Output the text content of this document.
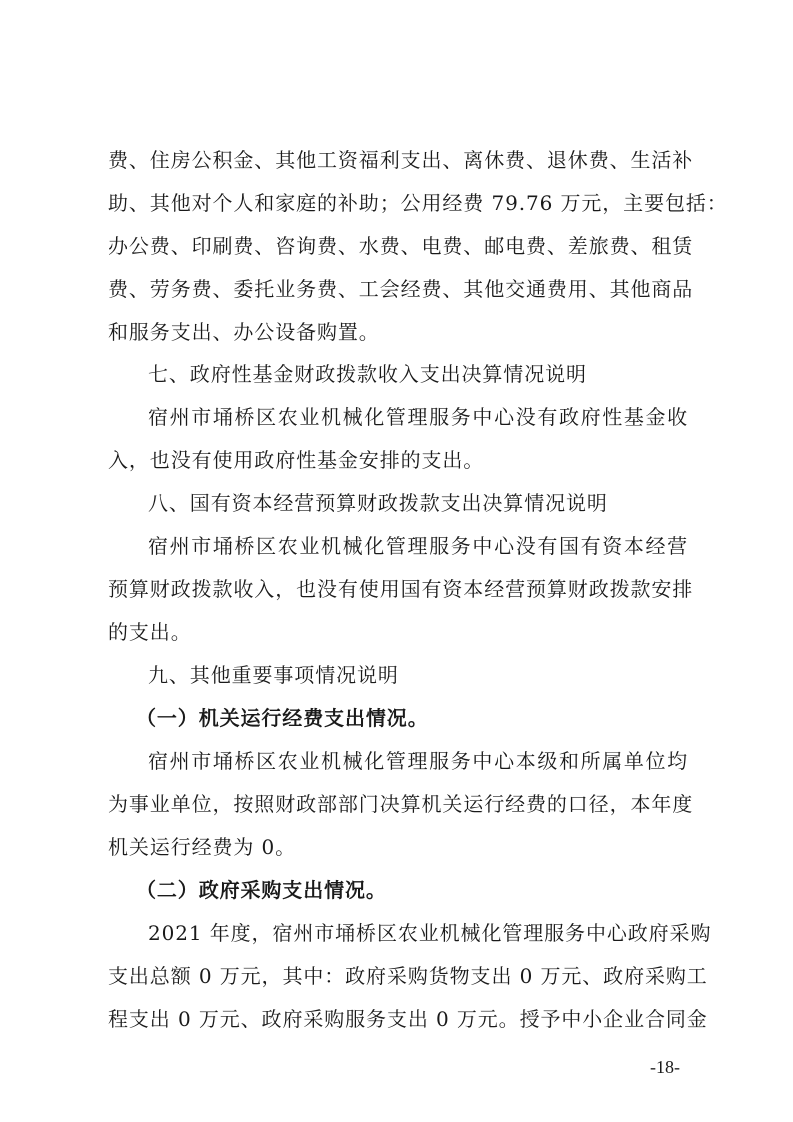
费、住房公积金、其他工资福利支出、离休费、退休费、生活补
助、其他对个人和家庭的补助；公用经费 79.76 万元，主要包括：
办公费、印刷费、咨询费、水费、电费、邮电费、差旅费、租赁
费、劳务费、委托业务费、工会经费、其他交通费用、其他商品
和服务支出、办公设备购置。
七、政府性基金财政拨款收入支出决算情况说明
宿州市埇桥区农业机械化管理服务中心没有政府性基金收
入，也没有使用政府性基金安排的支出。
八、国有资本经营预算财政拨款支出决算情况说明
宿州市埇桥区农业机械化管理服务中心没有国有资本经营
预算财政拨款收入，也没有使用国有资本经营预算财政拨款安排
的支出。
九、其他重要事项情况说明
（一）机关运行经费支出情况。
宿州市埇桥区农业机械化管理服务中心本级和所属单位均
为事业单位，按照财政部部门决算机关运行经费的口径，本年度
机关运行经费为 0。
（二）政府采购支出情况。
2021 年度，宿州市埇桥区农业机械化管理服务中心政府采购
支出总额 0 万元，其中：政府采购货物支出 0 万元、政府采购工
程支出 0 万元、政府采购服务支出 0 万元。授予中小企业合同金
-18-
